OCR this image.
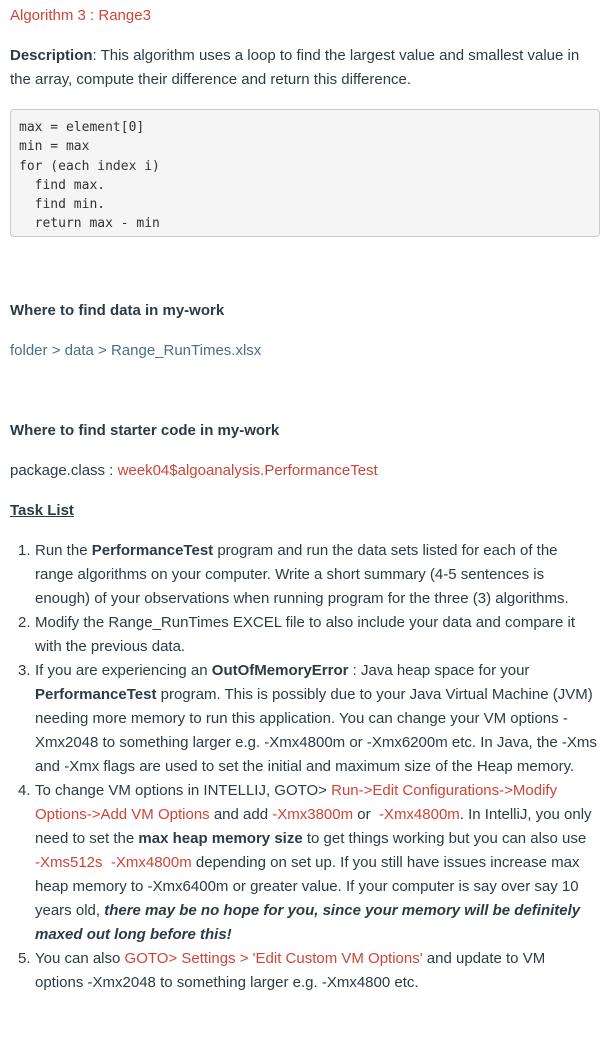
Algorithm 3 : Range3
Description: This algorithm uses a loop to find the largest value and smallest value in the array, compute their difference and return this difference.
max = element[0]
min = max
for (each index i)
find max.
find min.
return max - min
Where to find data in my-work
folder > data > Range_RunTimes.xlsx
Where to find starter code in my-work
package.class : week04$algoanalysis.PerformanceTest
Task List
Run the PerformanceTest program and run the data sets listed for each of the range algorithms on your computer. Write a short summary (4-5 sentences is enough) of your observations when running program for the three (3) algorithms.
Modify the Range_RunTimes EXCEL file to also include your data and compare it with the previous data.
If you are experiencing an OutOfMemoryError : Java heap space for your PerformanceTest program. This is possibly due to your Java Virtual Machine (JVM) needing more memory to run this application. You can change your VM options -Xmx2048 to something larger e.g. -Xmx4800m or -Xmx6200m etc. In Java, the -Xms and -Xmx flags are used to set the initial and maximum size of the Heap memory.
To change VM options in INTELLIJ, GOTO> Run->Edit Configurations->Modify Options->Add VM Options and add -Xmx3800m or  -Xmx4800m. In IntelliJ, you only need to set the max heap memory size to get things working but you can also use -Xms512s  -Xmx4800m depending on set up. If you still have issues increase max heap memory to -Xmx6400m or greater value. If your computer is say over say 10 years old, there may be no hope for you, since your memory will be definitely maxed out long before this!
You can also GOTO> Settings > 'Edit Custom VM Options' and update to VM options -Xmx2048 to something larger e.g. -Xmx4800 etc.
